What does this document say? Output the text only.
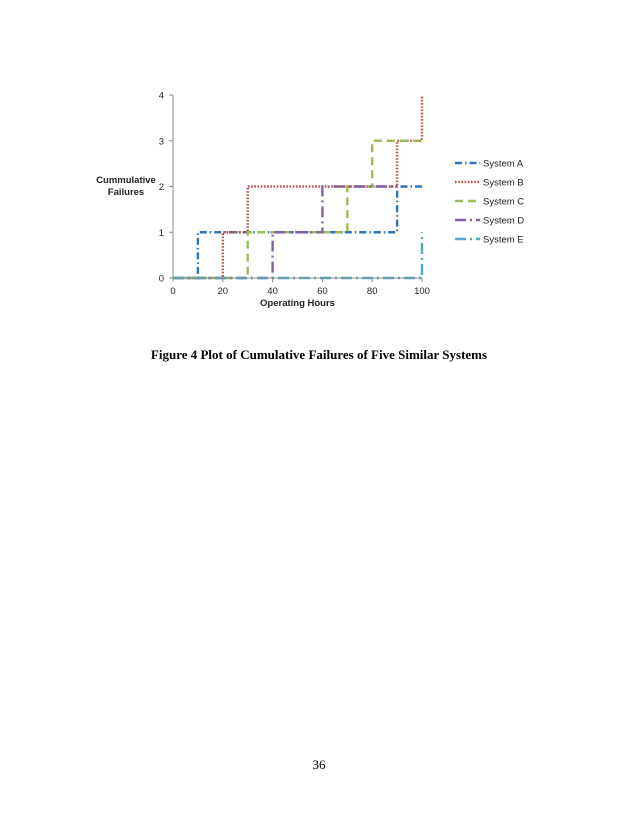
0
1
2
3
4
0	20	40	60	80	100
Operating Hours
Cummulative
Failures
System A
System B
System C
System D
System E

Figure 4 Plot of Cumulative Failures of Five Similar Systems

36
